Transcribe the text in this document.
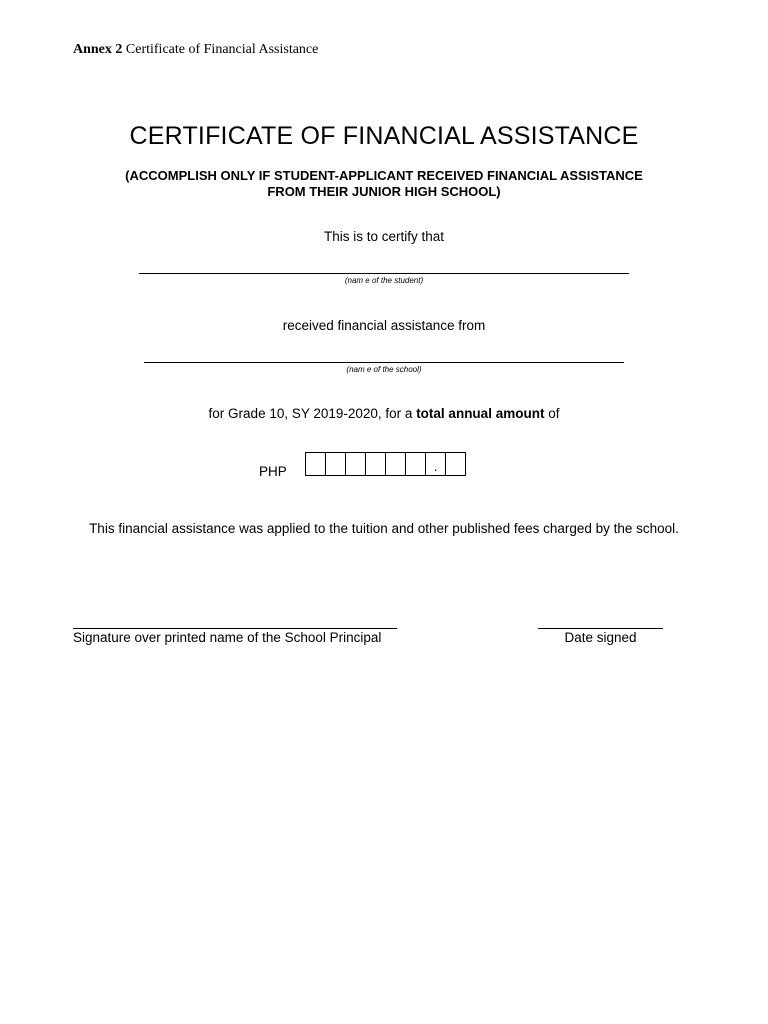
Annex 2 Certificate of Financial Assistance
CERTIFICATE OF FINANCIAL ASSISTANCE
(ACCOMPLISH ONLY IF STUDENT-APPLICANT RECEIVED FINANCIAL ASSISTANCE
FROM THEIR JUNIOR HIGH SCHOOL)
This is to certify that
(nam e of the student)
received financial assistance from
(nam e of the school)
for Grade 10, SY 2019-2020, for a total annual amount of
PHP	.
This financial assistance was applied to the tuition and other published fees charged by the school.
Signature over printed name of the School Principal	Date signed
